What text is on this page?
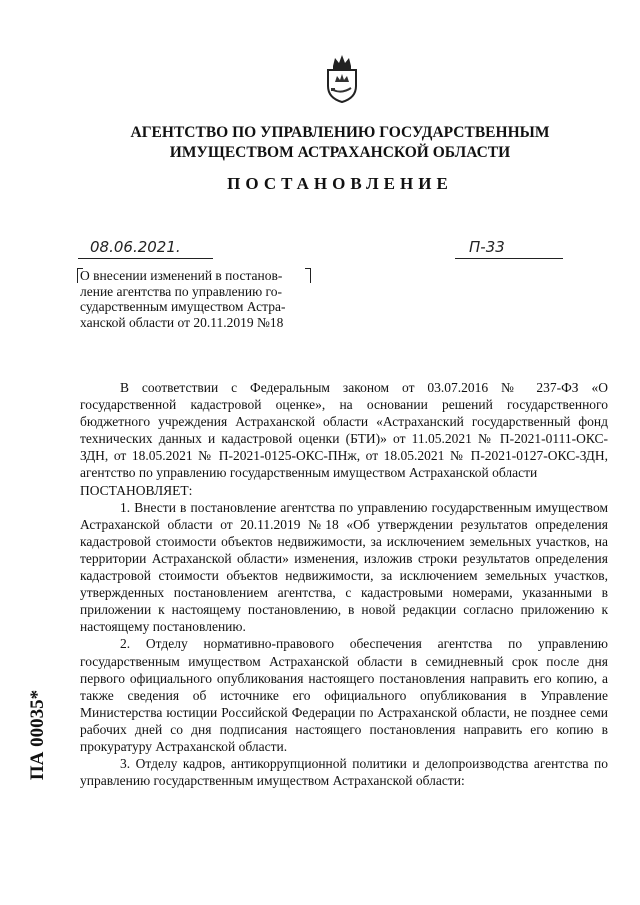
АГЕНТСТВО ПО УПРАВЛЕНИЮ ГОСУДАРСТВЕННЫМ
ИМУЩЕСТВОМ АСТРАХАНСКОЙ ОБЛАСТИ
ПОСТАНОВЛЕНИЕ
08.06.2021.	П-33
О внесении изменений в постанов-
ление агентства по управлению го-
сударственным имуществом Астра-
ханской области от 20.11.2019 №18

В соответствии с Федеральным законом от 03.07.2016 № 237-ФЗ «О государственной кадастровой оценке», на основании решений государственного бюджетного учреждения Астраханской области «Астраханский государственный фонд технических данных и кадастровой оценки (БТИ)» от 11.05.2021 № П-2021-0111-ОКС-ЗДН, от 18.05.2021 № П-2021-0125-ОКС-ПНж, от 18.05.2021 № П-2021-0127-ОКС-ЗДН, агентство по управлению государственным имуществом Астраханской области

ПОСТАНОВЛЯЕТ:

1. Внести в постановление агентства по управлению государственным имуществом Астраханской области от 20.11.2019 №18 «Об утверждении результатов определения кадастровой стоимости объектов недвижимости, за исключением земельных участков, на территории Астраханской области» изменения, изложив строки результатов определения кадастровой стоимости объектов недвижимости, за исключением земельных участков, утвержденных постановлением агентства, с кадастровыми номерами, указанными в приложении к настоящему постановлению, в новой редакции согласно приложению к настоящему постановлению.

2. Отделу нормативно-правового обеспечения агентства по управлению государственным имуществом Астраханской области в семидневный срок после дня первого официального опубликования настоящего постановления направить его копию, а также сведения об источнике его официального опубликования в Управление Министерства юстиции Российской Федерации по Астраханской области, не позднее семи рабочих дней со дня подписания настоящего постановления направить его копию в прокуратуру Астраханской области.

3. Отделу кадров, антикоррупционной политики и делопроизводства агентства по управлению государственным имуществом Астраханской области:

ПА 00035*
